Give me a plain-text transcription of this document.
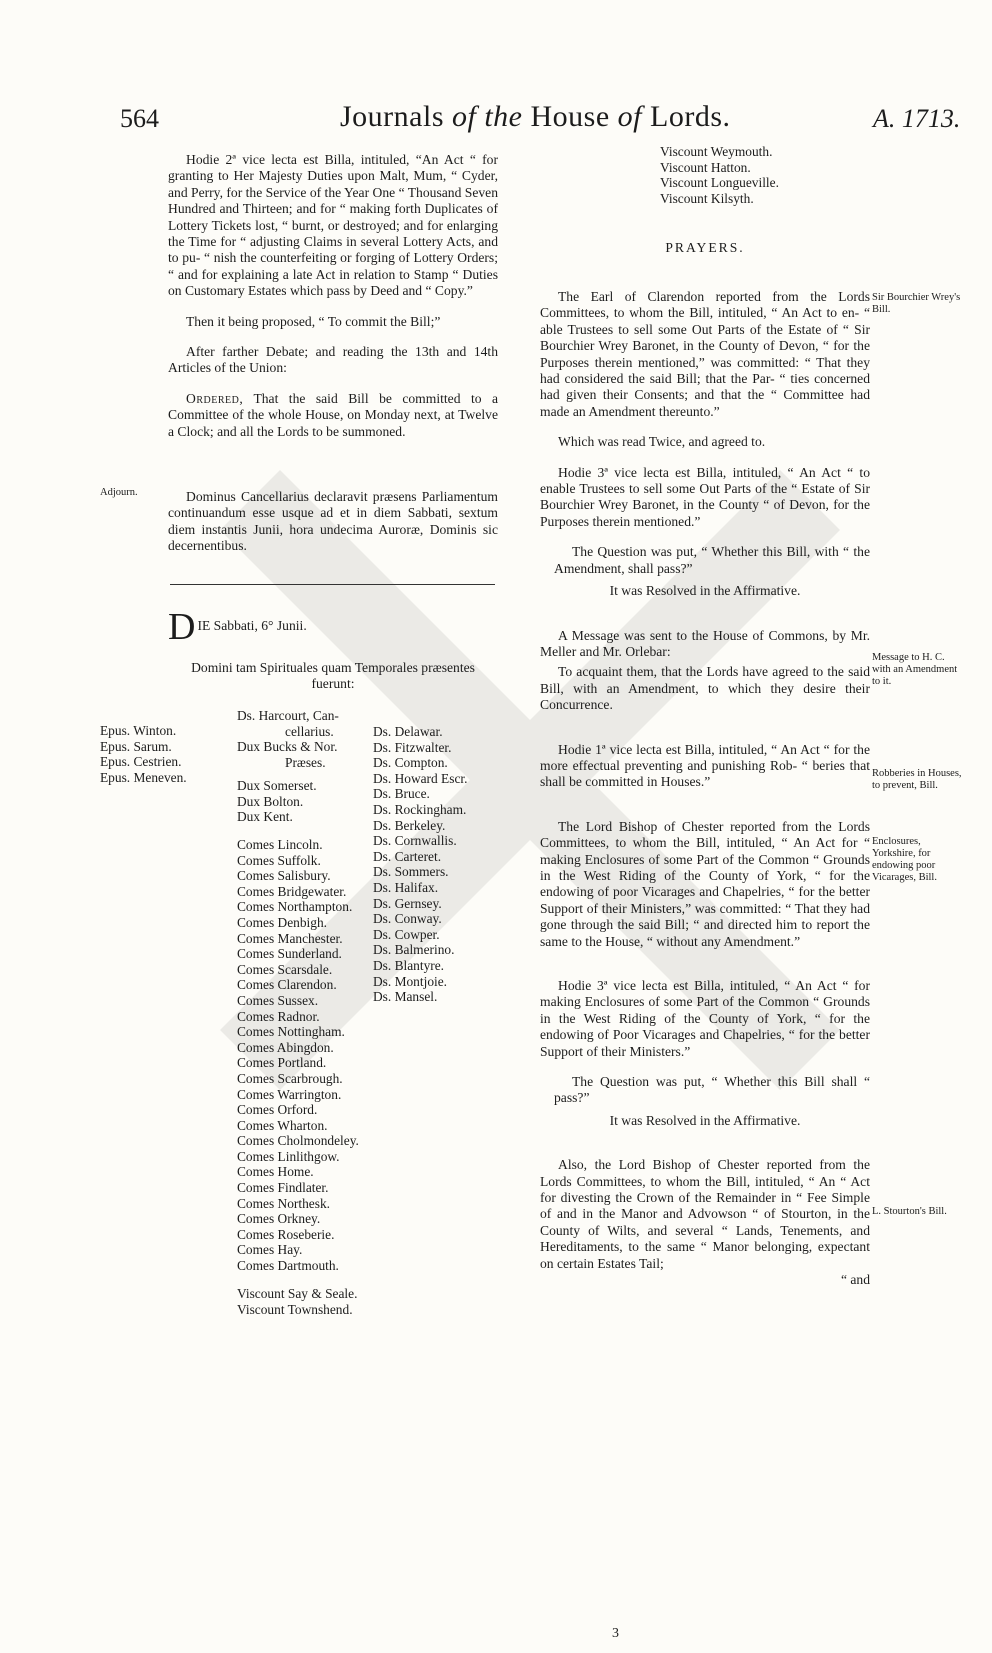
564	Journals of the House of Lords.	A. 1713.

Hodie 2ª vice lecta est Billa, intituled, “An Act “ for granting to Her Majesty Duties upon Malt, Mum, “ Cyder, and Perry, for the Service of the Year One “ Thousand Seven Hundred and Thirteen; and for “ making forth Duplicates of Lottery Tickets lost, “ burnt, or destroyed; and for enlarging the Time for “ adjusting Claims in several Lottery Acts, and to pu- “ nish the counterfeiting or forging of Lottery Orders; “ and for explaining a late Act in relation to Stamp “ Duties on Customary Estates which pass by Deed and “ Copy.”

Then it being proposed, “ To commit the Bill;”

After farther Debate; and reading the 13th and 14th Articles of the Union:

Ordered, That the said Bill be committed to a Committee of the whole House, on Monday next, at Twelve a Clock; and all the Lords to be summoned.

Adjourn.	Dominus Cancellarius declaravit præsens Parliamentum continuandum esse usque ad et in diem Sabbati, sextum diem instantis Junii, hora undecima Auroræ, Dominis sic decernentibus.

D IE Sabbati, 6° Junii.

Domini tam Spirituales quam Temporales præsentes fuerunt:
Epus. Winton.
Epus. Sarum.
Epus. Cestrien.
Epus. Meneven.
Ds. Harcourt, Can-
cellarius.
Dux Bucks & Nor.
Præses.
Dux Somerset.
Dux Bolton.
Dux Kent.
Comes Lincoln.
Comes Suffolk.
Comes Salisbury.
Comes Bridgewater.
Comes Northampton.
Comes Denbigh.
Comes Manchester.
Comes Sunderland.
Comes Scarsdale.
Comes Clarendon.
Comes Sussex.
Comes Radnor.
Comes Nottingham.
Comes Abingdon.
Comes Portland.
Comes Scarbrough.
Comes Warrington.
Comes Orford.
Comes Wharton.
Comes Cholmondeley.
Comes Linlithgow.
Comes Home.
Comes Findlater.
Comes Northesk.
Comes Orkney.
Comes Roseberie.
Comes Hay.
Comes Dartmouth.
Viscount Say & Seale.
Viscount Townshend.
Ds. Delawar.
Ds. Fitzwalter.
Ds. Compton.
Ds. Howard Escr.
Ds. Bruce.
Ds. Rockingham.
Ds. Berkeley.
Ds. Cornwallis.
Ds. Carteret.
Ds. Sommers.
Ds. Halifax.
Ds. Gernsey.
Ds. Conway.
Ds. Cowper.
Ds. Balmerino.
Ds. Blantyre.
Ds. Montjoie.
Ds. Mansel.
Viscount Weymouth.
Viscount Hatton.
Viscount Longueville.
Viscount Kilsyth.
PRAYERS.

The Earl of Clarendon reported from the Lords Committees, to whom the Bill, intituled, “ An Act to en- “ able Trustees to sell some Out Parts of the Estate of “ Sir Bourchier Wrey Baronet, in the County of Devon, “ for the Purposes therein mentioned,” was committed: “ That they had considered the said Bill; that the Par- “ ties concerned had given their Consents; and that the “ Committee had made an Amendment thereunto.”

Which was read Twice, and agreed to.

Hodie 3ª vice lecta est Billa, intituled, “ An Act “ to enable Trustees to sell some Out Parts of the “ Estate of Sir Bourchier Wrey Baronet, in the County “ of Devon, for the Purposes therein mentioned.”

The Question was put, “ Whether this Bill, with “ the Amendment, shall pass?”

It was Resolved in the Affirmative.

A Message was sent to the House of Commons, by Mr. Meller and Mr. Orlebar:

To acquaint them, that the Lords have agreed to the said Bill, with an Amendment, to which they desire their Concurrence.

Hodie 1ª vice lecta est Billa, intituled, “ An Act “ for the more effectual preventing and punishing Rob- “ beries that shall be committed in Houses.”

The Lord Bishop of Chester reported from the Lords Committees, to whom the Bill, intituled, “ An Act for “ making Enclosures of some Part of the Common “ Grounds in the West Riding of the County of York, “ for the endowing of poor Vicarages and Chapelries, “ for the better Support of their Ministers,” was committed: “ That they had gone through the said Bill; “ and directed him to report the same to the House, “ without any Amendment.”

Hodie 3ª vice lecta est Billa, intituled, “ An Act “ for making Enclosures of some Part of the Common “ Grounds in the West Riding of the County of York, “ for the endowing of Poor Vicarages and Chapelries, “ for the better Support of their Ministers.”

The Question was put, “ Whether this Bill shall “ pass?”

It was Resolved in the Affirmative.

Also, the Lord Bishop of Chester reported from the Lords Committees, to whom the Bill, intituled, “ An “ Act for divesting the Crown of the Remainder in “ Fee Simple of and in the Manor and Advowson “ of Stourton, in the County of Wilts, and several “ Lands, Tenements, and Hereditaments, to the same “ Manor belonging, expectant on certain Estates Tail;

“ and

Sir Bourchier Wrey's Bill.
Message to H. C. with an Amendment to it.
Robberies in Houses, to prevent, Bill.
Enclosures, Yorkshire, for endowing poor Vicarages, Bill.
L. Stourton's Bill.
3
